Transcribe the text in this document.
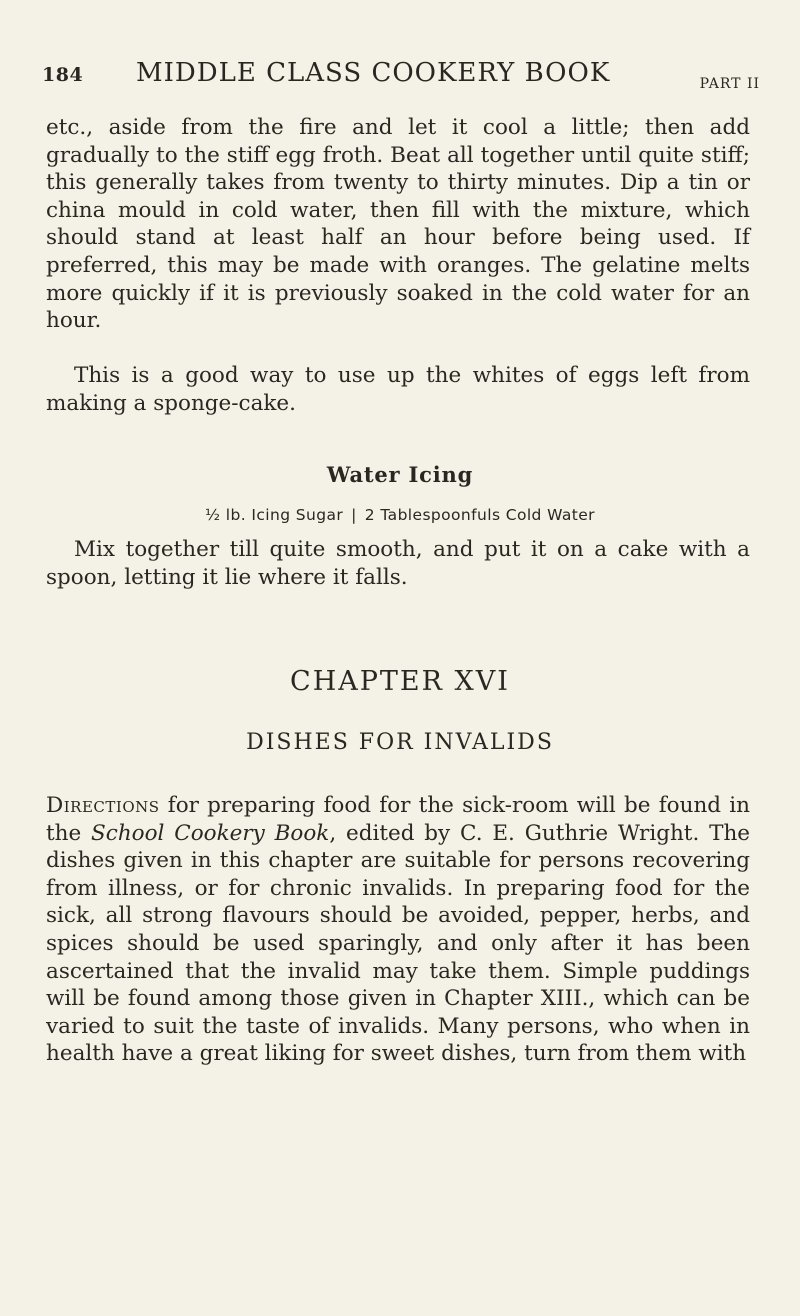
184 MIDDLE CLASS COOKERY BOOK	PART II

etc., aside from the fire and let it cool a little; then add gradually to the stiff egg froth. Beat all together until quite stiff; this generally takes from twenty to thirty minutes. Dip a tin or china mould in cold water, then fill with the mixture, which should stand at least half an hour before being used. If preferred, this may be made with oranges. The gelatine melts more quickly if it is previously soaked in the cold water for an hour.

This is a good way to use up the whites of eggs left from making a sponge-cake.

Water Icing
½ lb. Icing Sugar | 2 Tablespoonfuls Cold Water

Mix together till quite smooth, and put it on a cake with a spoon, letting it lie where it falls.

CHAPTER XVI
DISHES FOR INVALIDS

Directions for preparing food for the sick-room will be found in the School Cookery Book, edited by C. E. Guthrie Wright. The dishes given in this chapter are suitable for persons recovering from illness, or for chronic invalids. In preparing food for the sick, all strong flavours should be avoided, pepper, herbs, and spices should be used sparingly, and only after it has been ascertained that the invalid may take them. Simple puddings will be found among those given in Chapter XIII., which can be varied to suit the taste of invalids. Many persons, who when in health have a great liking for sweet dishes, turn from them with
